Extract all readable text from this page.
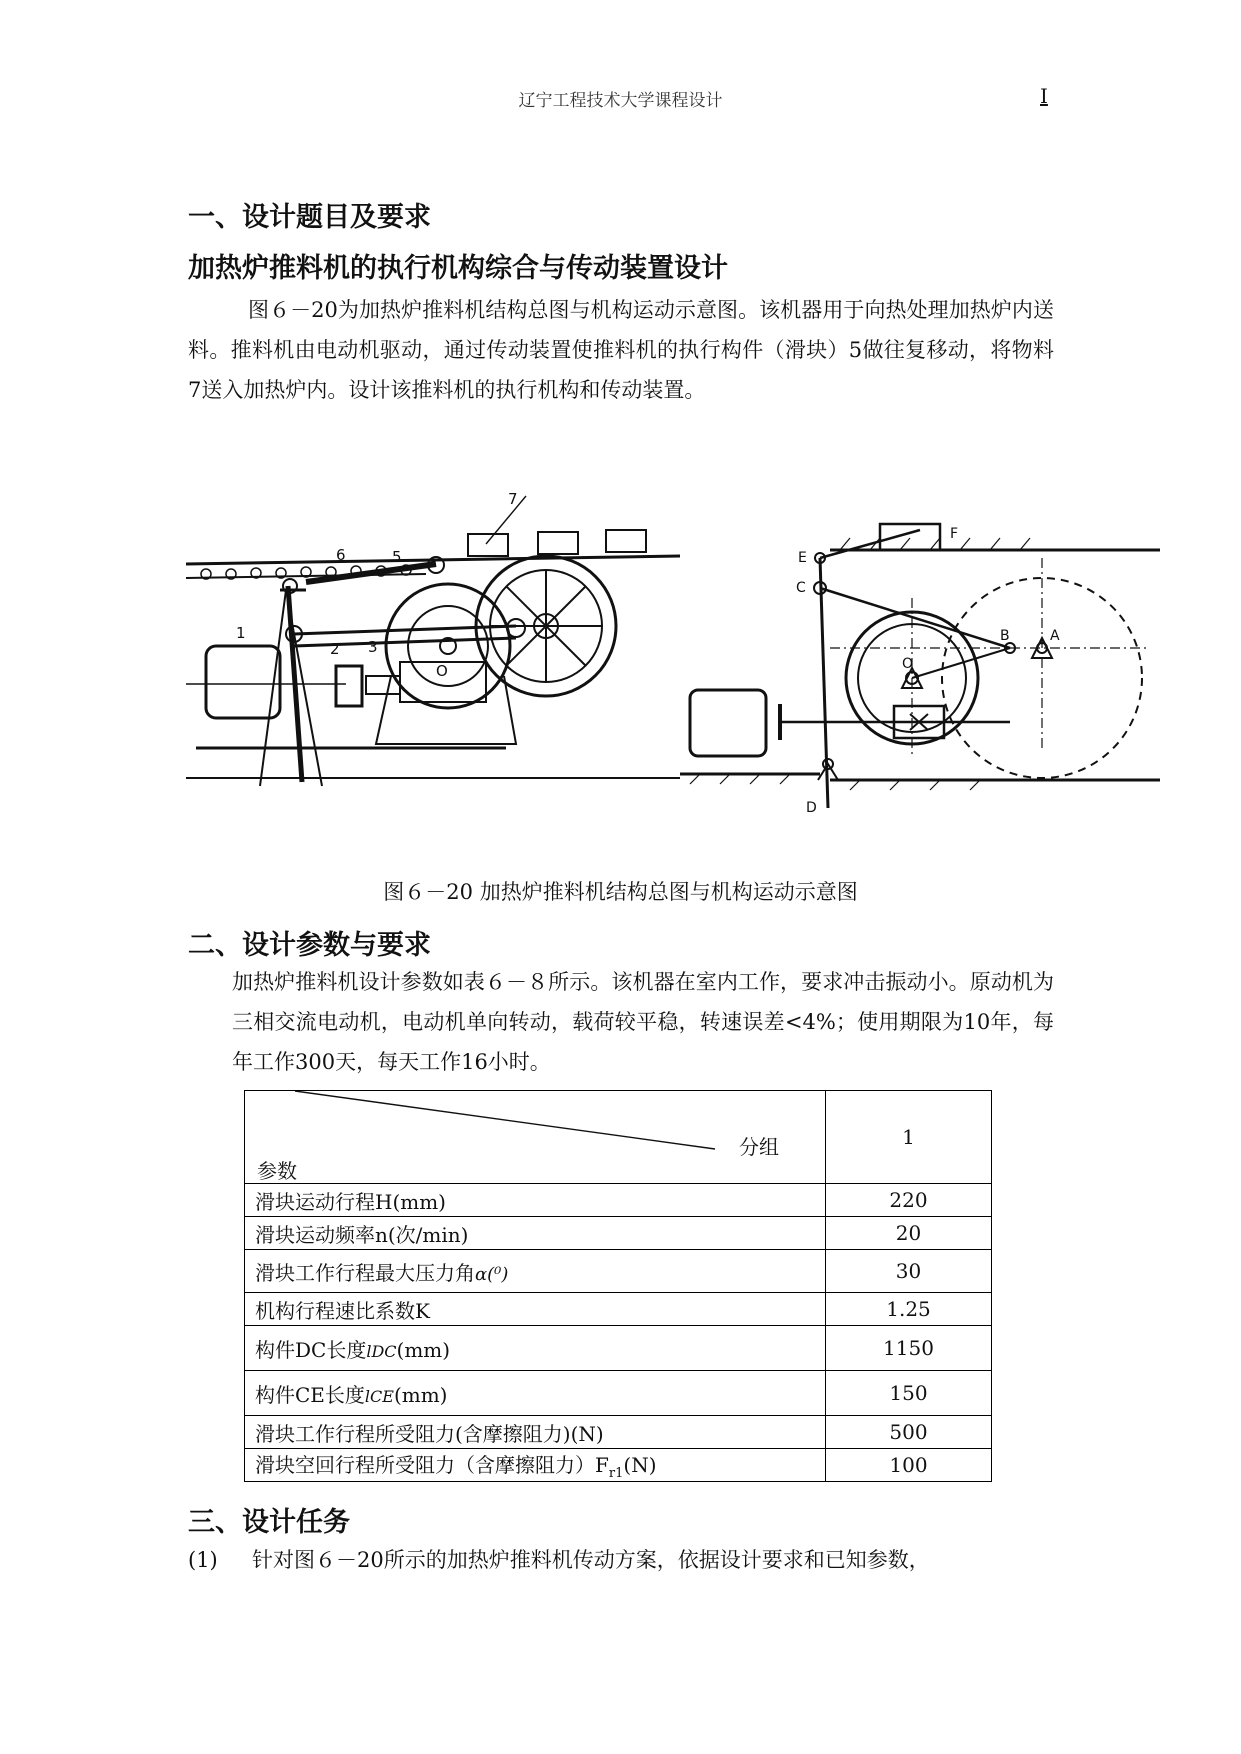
辽宁工程技术大学课程设计	I
一、设计题目及要求
加热炉推料机的执行机构综合与传动装置设计
图６－20为加热炉推料机结构总图与机构运动示意图。该机器用于向热处理加热炉内送料。推料机由电动机驱动，通过传动装置使推料机的执行构件（滑块）5做往复移动，将物料7送入加热炉内。设计该推料机的执行机构和传动装置。
7
6	5
1
2 3
O
F
E
C
B
O
A
D
图６－20 加热炉推料机结构总图与机构运动示意图
二、设计参数与要求
加热炉推料机设计参数如表６－８所示。该机器在室内工作，要求冲击振动小。原动机为三相交流电动机，电动机单向转动，载荷较平稳，转速误差<4%；使用期限为10年，每年工作300天，每天工作16小时。
分组
参数	1
滑块运动行程H(mm)	220
滑块运动频率n(次/min)	20
滑块工作行程最大压力角α(⁰)	30
机构行程速比系数K	1.25
构件DC长度lDC(mm)	1150
构件CE长度lCE(mm)	150
滑块工作行程所受阻力(含摩擦阻力)(N)	500
滑块空回行程所受阻力（含摩擦阻力）$F_{r1}(N)$	100
三、设计任务
(1) 针对图６－20所示的加热炉推料机传动方案，依据设计要求和已知参数，
